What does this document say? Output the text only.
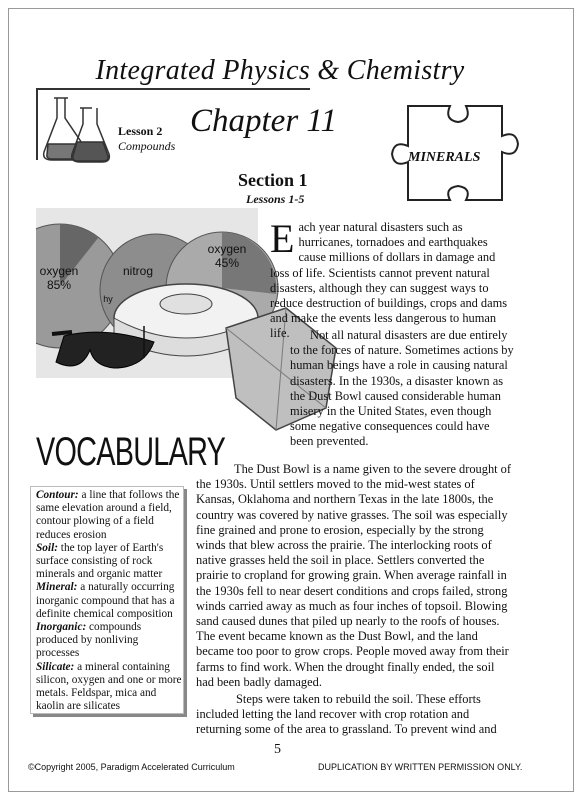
Integrated Physics & Chemistry
Lesson 2
Compounds
Chapter 11
MINERALS
Section 1
Lessons 1-5
oxygen
85%
nitrog
oxygen
45%
hy
E ach year natural disasters such as hurricanes, tornadoes and earthquakes cause millions of dollars in damage and loss of life. Scientists cannot prevent natural disasters, although they can suggest ways to reduce destruction of buildings, crops and dams and make the events less dangerous to human life.	Not all natural disasters are due entirely to the forces of nature. Sometimes actions by human beings have a role in causing natural disasters. In the 1930s, a disaster known as the Dust Bowl caused considerable human misery in the United States, even though some negative consequences could have been prevented.

The Dust Bowl is a name given to the severe drought of the 1930s. Until settlers moved to the mid-west states of Kansas, Oklahoma and northern Texas in the late 1800s, the country was covered by native grasses. The soil was especially fine grained and prone to erosion, especially by the strong winds that blew across the prairie. The interlocking roots of native grasses held the soil in place. Settlers converted the prairie to cropland for growing grain. When average rainfall in the 1930s fell to near desert conditions and crops failed, strong winds carried away as much as four inches of topsoil. Blowing sand caused dunes that piled up nearly to the roofs of houses. The event became known as the Dust Bowl, and the land became too poor to grow crops. People moved away from their farms to find work. When the drought finally ended, the soil had been badly damaged.

Steps were taken to rebuild the soil. These efforts included letting the land recover with crop rotation and returning some of the area to grassland. To prevent wind and

VOCABULARY

Contour: a line that follows the same elevation around a field, contour plowing of a field reduces erosion

Soil: the top layer of Earth's surface consisting of rock minerals and organic matter

Mineral: a naturally occurring inorganic compound that has a definite chemical composition

Inorganic: compounds produced by nonliving processes

Silicate: a mineral containing silicon, oxygen and one or more metals. Feldspar, mica and kaolin are silicates

5
©Copyright 2005, Paradigm Accelerated Curriculum	DUPLICATION BY WRITTEN PERMISSION ONLY.
